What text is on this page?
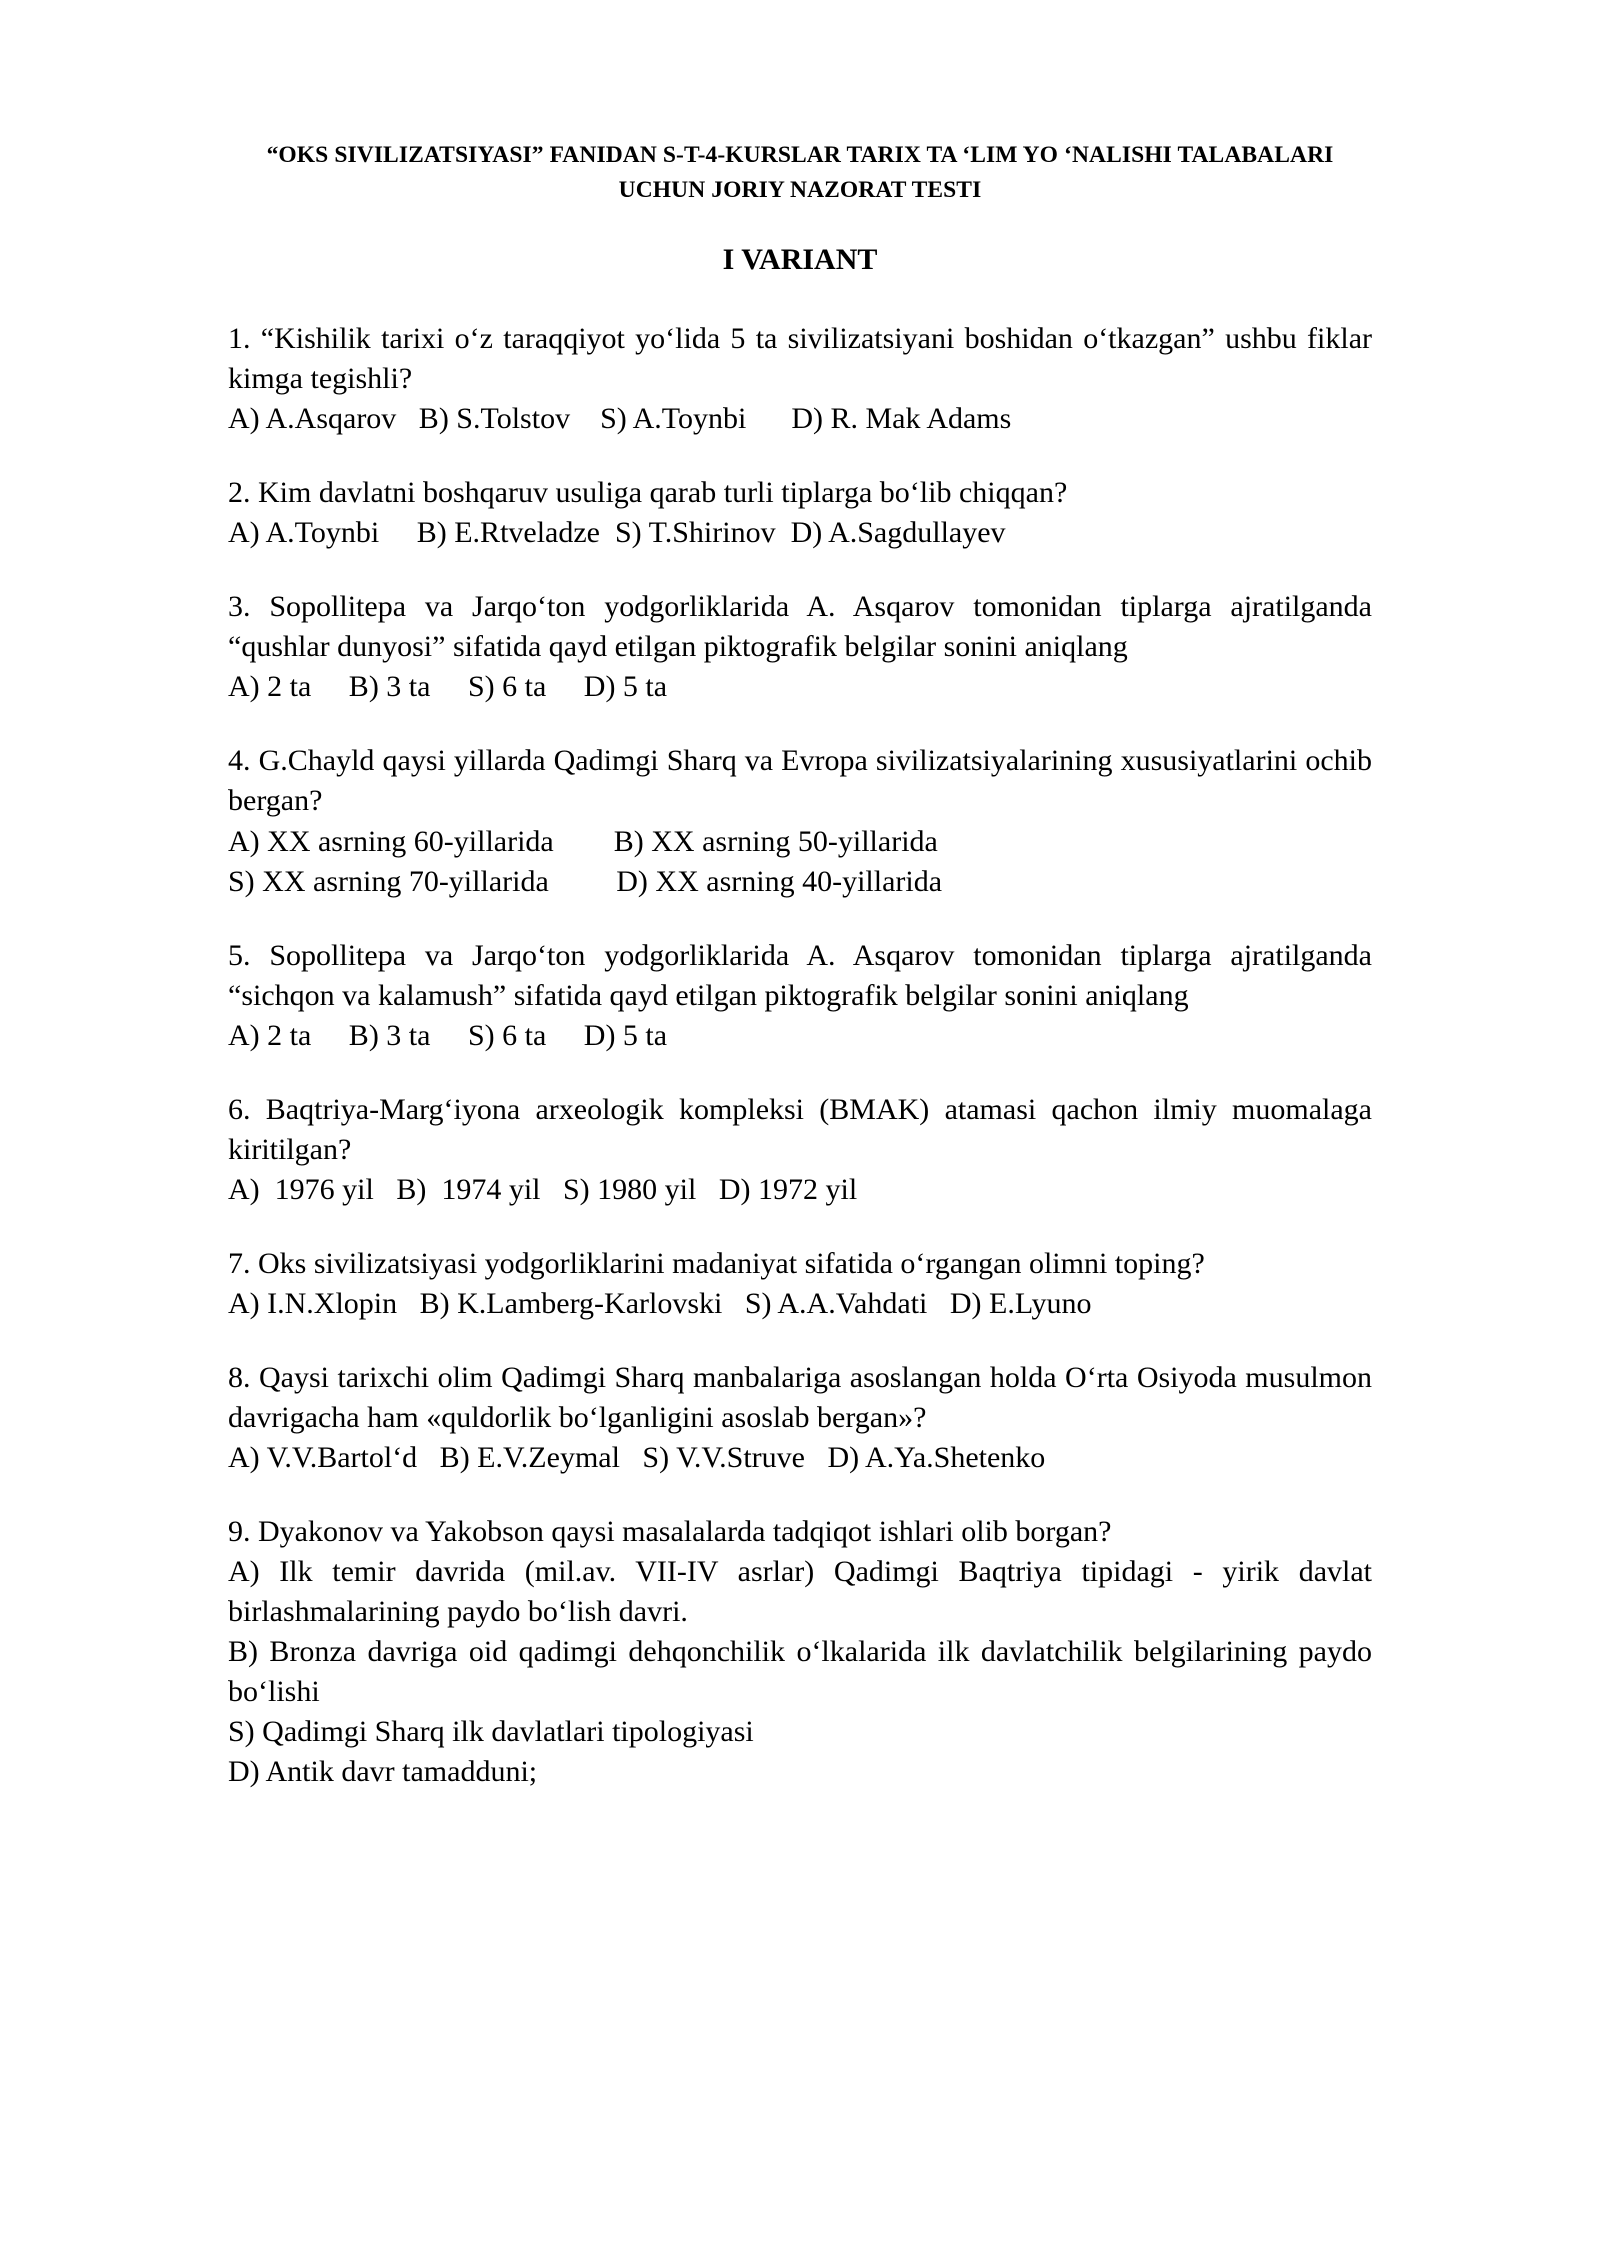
“OKS SIVILIZATSIYASI” FANIDAN S-T-4-KURSLAR TARIX TA ‘LIM YO ‘NALISHI TALABALARI
UCHUN JORIY NAZORAT TESTI
I VARIANT

1. “Kishilik tarixi o‘z taraqqiyot yo‘lida 5 ta sivilizatsiyani boshidan o‘tkazgan” ushbu fiklar kimga tegishli?

A) A.Asqarov   B) S.Tolstov    S) A.Toynbi      D) R. Mak Adams

2. Kim davlatni boshqaruv usuliga qarab turli tiplarga bo‘lib chiqqan?

A) A.Toynbi     B) E.Rtveladze  S) T.Shirinov  D) A.Sagdullayev

3. Sopollitepa va Jarqo‘ton yodgorliklarida A. Asqarov tomonidan tiplarga ajratilganda “qushlar dunyosi” sifatida qayd etilgan piktografik belgilar sonini aniqlang

A) 2 ta     B) 3 ta     S) 6 ta     D) 5 ta

4. G.Chayld qaysi yillarda Qadimgi Sharq va Evropa sivilizatsiyalarining xususiyatlarini ochib bergan?

A) XX asrning 60-yillarida        B) XX asrning 50-yillarida

S) XX asrning 70-yillarida         D) XX asrning 40-yillarida

5. Sopollitepa va Jarqo‘ton yodgorliklarida A. Asqarov tomonidan tiplarga ajratilganda “sichqon va kalamush” sifatida qayd etilgan piktografik belgilar sonini aniqlang

A) 2 ta     B) 3 ta     S) 6 ta     D) 5 ta

6. Baqtriya-Marg‘iyona arxeologik kompleksi (BMAK) atamasi qachon ilmiy muomalaga kiritilgan?

A)  1976 yil   B)  1974 yil   S) 1980 yil   D) 1972 yil

7. Oks sivilizatsiyasi yodgorliklarini madaniyat sifatida o‘rgangan olimni toping?

A) I.N.Xlopin   B) K.Lamberg-Karlovski   S) A.A.Vahdati   D) E.Lyuno

8. Qaysi tarixchi olim Qadimgi Sharq manbalariga asoslangan holda O‘rta Osiyoda musulmon davrigacha ham «quldorlik bo‘lganligini asoslab bergan»?

A) V.V.Bartol‘d   B) E.V.Zeymal   S) V.V.Struve   D) A.Ya.Shetenko

9. Dyakonov va Yakobson qaysi masalalarda tadqiqot ishlari olib borgan?

A) Ilk temir davrida (mil.av. VII-IV asrlar) Qadimgi Baqtriya tipidagi - yirik davlat birlashmalarining paydo bo‘lish davri.

B) Bronza davriga oid qadimgi dehqonchilik o‘lkalarida ilk davlatchilik belgilarining paydo bo‘lishi

S) Qadimgi Sharq ilk davlatlari tipologiyasi

D) Antik davr tamadduni;
